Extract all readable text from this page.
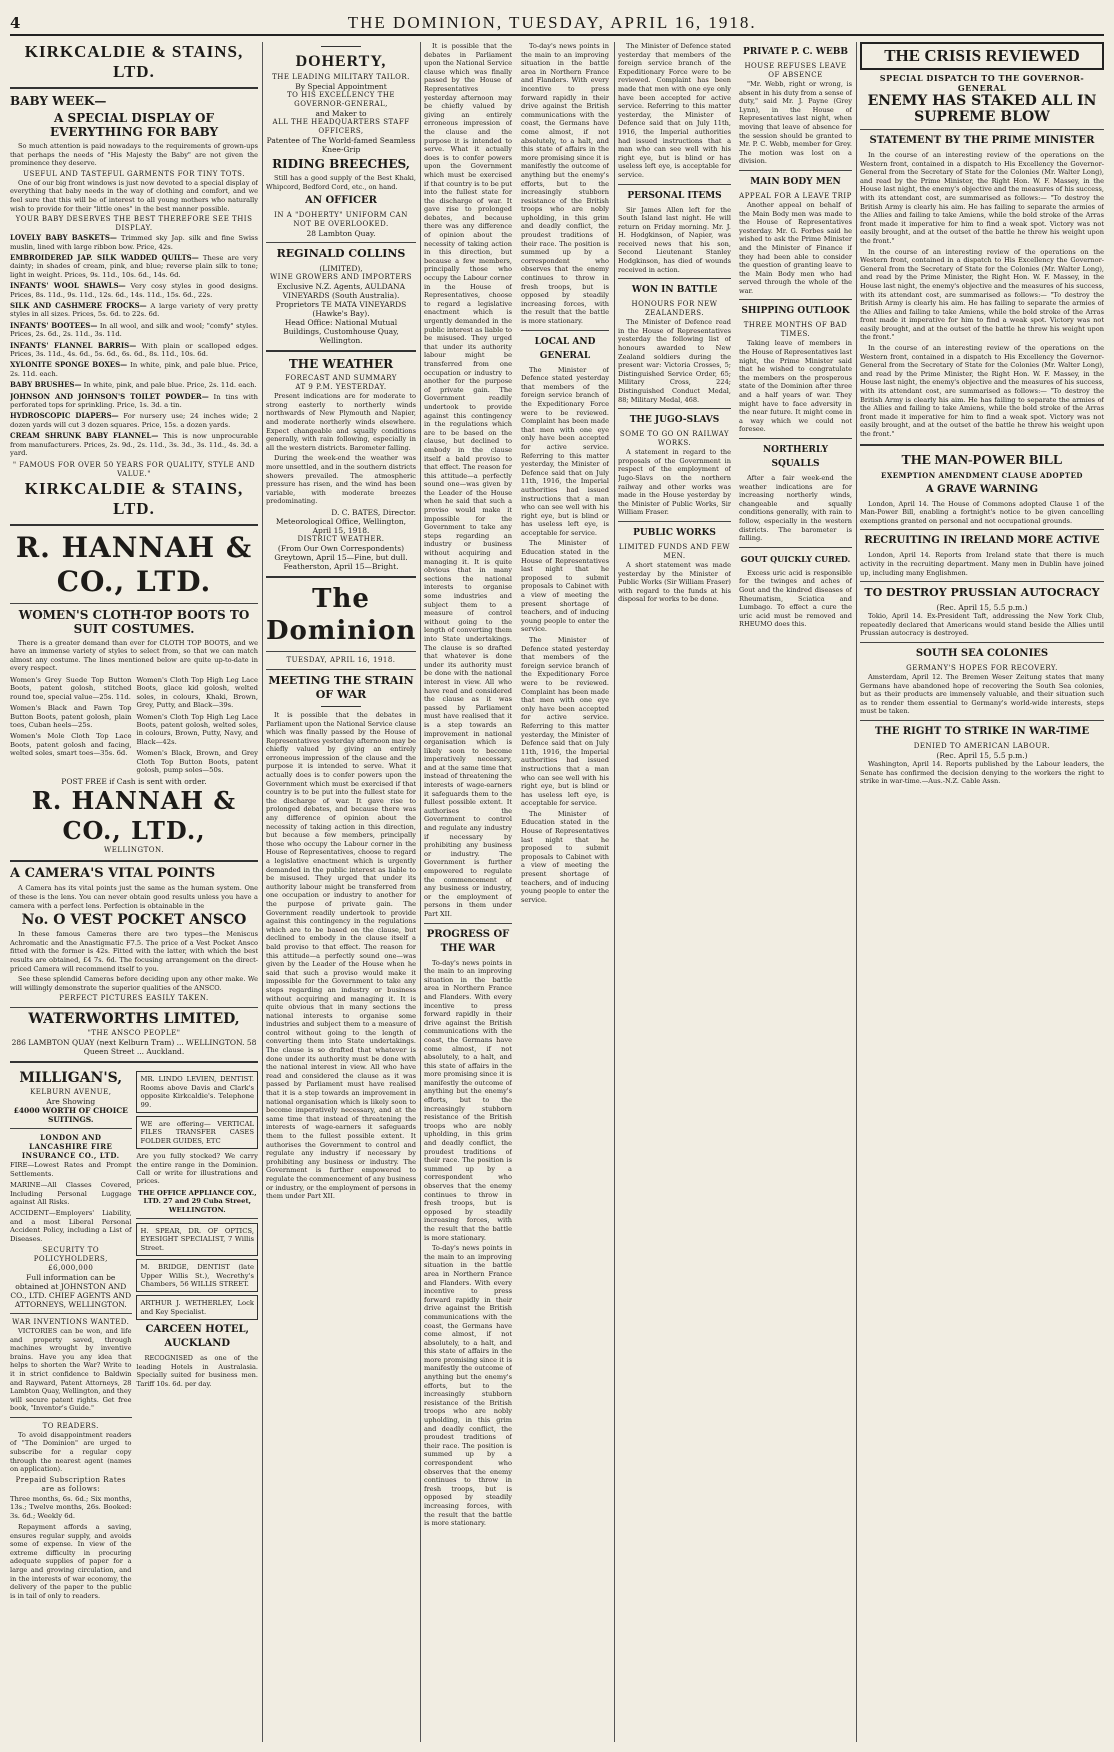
4	THE DOMINION, TUESDAY, APRIL 16, 1918.
KIRKCALDIE & STAINS, LTD.
BABY WEEK—
A SPECIAL DISPLAY OF EVERYTHING FOR BABY
So much attention is paid nowadays to the requirements of grown-ups that perhaps the needs of "His Majesty the Baby" are not given the prominence they deserve.
USEFUL AND TASTEFUL GARMENTS FOR TINY TOTS.
One of our big front windows is just now devoted to a special display of everything that baby needs in the way of clothing and comfort, and we feel sure that this will be of interest to all young mothers who naturally wish to provide for their "little ones" in the best manner possible.
YOUR BABY DESERVES THE BEST THEREFORE SEE THIS DISPLAY.
LOVELY BABY BASKETS— Trimmed sky Jap. silk and fine Swiss muslin, lined with large ribbon bow. Price, 42s.
EMBROIDERED JAP. SILK WADDED QUILTS— These are very dainty; in shades of cream, pink, and blue; reverse plain silk to tone; light in weight. Prices, 9s. 11d., 10s. 6d., 14s. 6d.
INFANTS' WOOL SHAWLS— Very cosy styles in good designs. Prices, 8s. 11d., 9s. 11d., 12s. 6d., 14s. 11d., 15s. 6d., 22s.
SILK AND CASHMERE FROCKS— A large variety of very pretty styles in all sizes. Prices, 5s. 6d. to 22s. 6d.
INFANTS' BOOTEES— In all wool, and silk and wool; "comfy" styles. Prices, 2s. 6d., 2s. 11d., 3s. 11d.
INFANTS' FLANNEL BARRIS— With plain or scalloped edges. Prices, 3s. 11d., 4s. 6d., 5s. 6d., 6s. 6d., 8s. 11d., 10s. 6d.
XYLONITE SPONGE BOXES— In white, pink, and pale blue. Price, 2s. 11d. each.
BABY BRUSHES— In white, pink, and pale blue. Price, 2s. 11d. each.
JOHNSON AND JOHNSON'S TOILET POWDER— In tins with perforated tops for sprinkling. Price, 1s. 3d. a tin.
HYDROSCOPIC DIAPERS— For nursery use; 24 inches wide; 2 dozen yards will cut 3 dozen squares. Price, 15s. a dozen yards.
CREAM SHRUNK BABY FLANNEL— This is now unprocurable from manufacturers. Prices, 2s. 9d., 2s. 11d., 3s. 3d., 3s. 11d., 4s. 3d. a yard.
" FAMOUS FOR OVER 50 YEARS FOR QUALITY, STYLE AND VALUE."
KIRKCALDIE & STAINS, LTD.
R. HANNAH & CO., LTD.
WOMEN'S CLOTH-TOP BOOTS TO SUIT COSTUMES.
There is a greater demand than ever for CLOTH TOP BOOTS, and we have an immense variety of styles to select from, so that we can match almost any costume. The lines mentioned below are quite up-to-date in every respect.
Women's Grey Suede Top Button Boots, patent golosh, stitched round toe, special value—25s. 11d.
Women's Black and Fawn Top Button Boots, patent golosh, plain toes, Cuban heels—25s.
Women's Mole Cloth Top Lace Boots, patent golosh and facing, welted soles, smart toes—35s. 6d.
Women's Cloth Top High Leg Lace Boots, glace kid golosh, welted soles, in colours, Khaki, Brown, Grey, Putty, and Black—39s.
Women's Cloth Top High Leg Lace Boots, patent golosh, welted soles, in colours, Brown, Putty, Navy, and Black—42s.
Women's Black, Brown, and Grey Cloth Top Button Boots, patent golosh, pump soles—50s.
POST FREE if Cash is sent with order.
R. HANNAH & CO., LTD.,
WELLINGTON.
A CAMERA'S VITAL POINTS
A Camera has its vital points just the same as the human system. One of these is the lens. You can never obtain good results unless you have a camera with a perfect lens. Perfection is obtainable in the
No. O VEST POCKET ANSCO
In these famous Cameras there are two types—the Meniscus Achromatic and the Anastigmatic F7.5. The price of a Vest Pocket Ansco fitted with the former is 42s. Fitted with the latter, with which the best results are obtained, £4 7s. 6d. The focusing arrangement on the direct-priced Camera will recommend itself to you.
See these splendid Cameras before deciding upon any other make. We will willingly demonstrate the superior qualities of the ANSCO.
PERFECT PICTURES EASILY TAKEN.
WATERWORTHS LIMITED,
"THE ANSCO PEOPLE"
286 LAMBTON QUAY (next Kelburn Tram) ... WELLINGTON. 58 Queen Street ... Auckland.
MILLIGAN'S,
KELBURN AVENUE,
Are Showing
£4000 WORTH OF CHOICE SUITINGS.
LONDON AND LANCASHIRE FIRE INSURANCE CO., LTD.
FIRE—Lowest Rates and Prompt Settlements.
MARINE—All Classes Covered, Including Personal Luggage against All Risks.
ACCIDENT—Employers' Liability, and a most Liberal Personal Accident Policy, including a List of Diseases.
SECURITY TO POLICYHOLDERS, £6,000,000
Full information can be obtained at JOHNSTON AND CO., LTD. CHIEF AGENTS AND ATTORNEYS, WELLINGTON.
WAR INVENTIONS WANTED.
VICTORIES can be won, and life and property saved, through machines wrought by inventive brains. Have you any idea that helps to shorten the War? Write to it in strict confidence to Baldwin and Rayward, Patent Attorneys, 28 Lambton Quay, Wellington, and they will secure patent rights. Get free book, "Inventor's Guide."
TO READERS.
To avoid disappointment readers of "The Dominion" are urged to subscribe for a regular copy through the nearest agent (names on application).
Prepaid Subscription Rates are as follows:
Three months, 6s. 6d.; Six months, 13s.; Twelve months, 26s. Booked: 3s. 6d.; Weekly 6d.
Repayment affords a saving, ensures regular supply, and avoids some of expense. In view of the extreme difficulty in procuring adequate supplies of paper for a large and growing circulation, and in the interests of war economy, the delivery of the paper to the public is in tail of only to readers.
MR. LINDO LEVIEN, DENTIST. Rooms above Davis and Clark's opposite Kirkcaldie's. Telephone 99.
WE are offering— VERTICAL FILES TRANSFER CASES FOLDER GUIDES, ETC
Are you fully stocked? We carry the entire range in the Dominion. Call or write for illustrations and prices.
THE OFFICE APPLIANCE COY., LTD. 27 and 29 Cuba Street, WELLINGTON.
H. SPEAR, DR. OF OPTICS, EYESIGHT SPECIALIST, 7 Willis Street.
M. BRIDGE, DENTIST (late Upper Willis St.), Wecrethy's Chambers, 56 WILLIS STREET.
ARTHUR J. WETHERLEY, Lock and Key Specialist.
CARCEEN HOTEL, AUCKLAND
RECOGNISED as one of the leading Hotels in Australasia. Specially suited for business men. Tariff 10s. 6d. per day.
DOHERTY,
THE LEADING MILITARY TAILOR.
By Special Appointment
TO HIS EXCELLENCY THE GOVERNOR-GENERAL,
and Maker to
ALL THE HEADQUARTERS STAFF OFFICERS,
Patentee of The World-famed Seamless Knee-Grip
RIDING BREECHES,
Still has a good supply of the Best Khaki, Whipcord, Bedford Cord, etc., on hand.
AN OFFICER
IN A "DOHERTY" UNIFORM CAN NOT BE OVERLOOKED.
28 Lambton Quay.
REGINALD COLLINS
(LIMITED),
WINE GROWERS AND IMPORTERS
Exclusive N.Z. Agents, AULDANA VINEYARDS (South Australia).
Proprietors TE MATA VINEYARDS (Hawke's Bay).
Head Office: National Mutual Buildings, Customhouse Quay, Wellington.
THE WEATHER
FORECAST AND SUMMARY
AT 9 P.M. YESTERDAY.
Present indications are for moderate to strong easterly to northerly winds northwards of New Plymouth and Napier, and moderate northerly winds elsewhere. Expect changeable and squally conditions generally, with rain following, especially in all the western districts. Barometer falling.
During the week-end the weather was more unsettled, and in the southern districts showers prevailed. The atmospheric pressure has risen, and the wind has been variable, with moderate breezes predominating.
D. C. BATES, Director.
Meteorological Office, Wellington, April 15, 1918.
DISTRICT WEATHER.
(From Our Own Correspondents) Greytown, April 15—Fine, but dull. Featherston, April 15—Bright.
The Dominion
TUESDAY, APRIL 16, 1918.
MEETING THE STRAIN OF WAR
It is possible that the debates in Parliament upon the National Service clause which was finally passed by the House of Representatives yesterday afternoon may be chiefly valued by giving an entirely erroneous impression of the clause and the purpose it is intended to serve. What it actually does is to confer powers upon the Government which must be exercised if that country is to be put into the fullest state for the discharge of war. It gave rise to prolonged debates, and because there was any difference of opinion about the necessity of taking action in this direction, but because a few members, principally those who occupy the Labour corner in the House of Representatives, choose to regard a legislative enactment which is urgently demanded in the public interest as liable to be misused. They urged that under its authority labour might be transferred from one occupation or industry to another for the purpose of private gain. The Government readily undertook to provide against this contingency in the regulations which are to be based on the clause, but declined to embody in the clause itself a bald proviso to that effect. The reason for this attitude—a perfectly sound one—was given by the Leader of the House when he said that such a proviso would make it impossible for the Government to take any steps regarding an industry or business without acquiring and managing it. It is quite obvious that in many sections the national interests to organise some industries and subject them to a measure of control without going to the length of converting them into State undertakings. The clause is so drafted that whatever is done under its authority must be done with the national interest in view. All who have read and considered the clause as it was passed by Parliament must have realised that it is a step towards an improvement in national organisation which is likely soon to become imperatively necessary, and at the same time that instead of threatening the interests of wage-earners it safeguards them to the fullest possible extent. It authorises the Government to control and regulate any industry if necessary by prohibiting any business or industry. The Government is further empowered to regulate the commencement of any business or industry, or the employment of persons in them under Part XII.
It is possible that the debates in Parliament upon the National Service clause which was finally passed by the House of Representatives yesterday afternoon may be chiefly valued by giving an entirely erroneous impression of the clause and the purpose it is intended to serve. What it actually does is to confer powers upon the Government which must be exercised if that country is to be put into the fullest state for the discharge of war. It gave rise to prolonged debates, and because there was any difference of opinion about the necessity of taking action in this direction, but because a few members, principally those who occupy the Labour corner in the House of Representatives, choose to regard a legislative enactment which is urgently demanded in the public interest as liable to be misused. They urged that under its authority labour might be transferred from one occupation or industry to another for the purpose of private gain. The Government readily undertook to provide against this contingency in the regulations which are to be based on the clause, but declined to embody in the clause itself a bald proviso to that effect. The reason for this attitude—a perfectly sound one—was given by the Leader of the House when he said that such a proviso would make it impossible for the Government to take any steps regarding an industry or business without acquiring and managing it. It is quite obvious that in many sections the national interests to organise some industries and subject them to a measure of control without going to the length of converting them into State undertakings. The clause is so drafted that whatever is done under its authority must be done with the national interest in view. All who have read and considered the clause as it was passed by Parliament must have realised that it is a step towards an improvement in national organisation which is likely soon to become imperatively necessary, and at the same time that instead of threatening the interests of wage-earners it safeguards them to the fullest possible extent. It authorises the Government to control and regulate any industry if necessary by prohibiting any business or industry. The Government is further empowered to regulate the commencement of any business or industry, or the employment of persons in them under Part XII.
PROGRESS OF THE WAR
To-day's news points in the main to an improving situation in the battle area in Northern France and Flanders. With every incentive to press forward rapidly in their drive against the British communications with the coast, the Germans have come almost, if not absolutely, to a halt, and this state of affairs in the more promising since it is manifestly the outcome of anything but the enemy's efforts, but to the increasingly stubborn resistance of the British troops who are nobly upholding, in this grim and deadly conflict, the proudest traditions of their race. The position is summed up by a correspondent who observes that the enemy continues to throw in fresh troops, but is opposed by steadily increasing forces, with the result that the battle is more stationary.
To-day's news points in the main to an improving situation in the battle area in Northern France and Flanders. With every incentive to press forward rapidly in their drive against the British communications with the coast, the Germans have come almost, if not absolutely, to a halt, and this state of affairs in the more promising since it is manifestly the outcome of anything but the enemy's efforts, but to the increasingly stubborn resistance of the British troops who are nobly upholding, in this grim and deadly conflict, the proudest traditions of their race. The position is summed up by a correspondent who observes that the enemy continues to throw in fresh troops, but is opposed by steadily increasing forces, with the result that the battle is more stationary.
To-day's news points in the main to an improving situation in the battle area in Northern France and Flanders. With every incentive to press forward rapidly in their drive against the British communications with the coast, the Germans have come almost, if not absolutely, to a halt, and this state of affairs in the more promising since it is manifestly the outcome of anything but the enemy's efforts, but to the increasingly stubborn resistance of the British troops who are nobly upholding, in this grim and deadly conflict, the proudest traditions of their race. The position is summed up by a correspondent who observes that the enemy continues to throw in fresh troops, but is opposed by steadily increasing forces, with the result that the battle is more stationary.
LOCAL AND GENERAL
The Minister of Defence stated yesterday that members of the foreign service branch of the Expeditionary Force were to be reviewed. Complaint has been made that men with one eye only have been accepted for active service. Referring to this matter yesterday, the Minister of Defence said that on July 11th, 1916, the Imperial authorities had issued instructions that a man who can see well with his right eye, but is blind or has useless left eye, is acceptable for service.
The Minister of Education stated in the House of Representatives last night that he proposed to submit proposals to Cabinet with a view of meeting the present shortage of teachers, and of inducing young people to enter the service.
The Minister of Defence stated yesterday that members of the foreign service branch of the Expeditionary Force were to be reviewed. Complaint has been made that men with one eye only have been accepted for active service. Referring to this matter yesterday, the Minister of Defence said that on July 11th, 1916, the Imperial authorities had issued instructions that a man who can see well with his right eye, but is blind or has useless left eye, is acceptable for service.
The Minister of Education stated in the House of Representatives last night that he proposed to submit proposals to Cabinet with a view of meeting the present shortage of teachers, and of inducing young people to enter the service.
The Minister of Defence stated yesterday that members of the foreign service branch of the Expeditionary Force were to be reviewed. Complaint has been made that men with one eye only have been accepted for active service. Referring to this matter yesterday, the Minister of Defence said that on July 11th, 1916, the Imperial authorities had issued instructions that a man who can see well with his right eye, but is blind or has useless left eye, is acceptable for service.
PERSONAL ITEMS
Sir James Allen left for the South Island last night. He will return on Friday morning. Mr. J. H. Hodgkinson, of Napier, was received news that his son, Second Lieutenant Stanley Hodgkinson, has died of wounds received in action.
WON IN BATTLE
HONOURS FOR NEW ZEALANDERS.
The Minister of Defence read in the House of Representatives yesterday the following list of honours awarded to New Zealand soldiers during the present war: Victoria Crosses, 5; Distinguished Service Order, 65; Military Cross, 224; Distinguished Conduct Medal, 88; Military Medal, 468.
THE JUGO-SLAVS
SOME TO GO ON RAILWAY WORKS.
A statement in regard to the proposals of the Government in respect of the employment of Jugo-Slavs on the northern railway and other works was made in the House yesterday by the Minister of Public Works, Sir William Fraser.
PUBLIC WORKS
LIMITED FUNDS AND FEW MEN.
A short statement was made yesterday by the Minister of Public Works (Sir William Fraser) with regard to the funds at his disposal for works to be done.
PRIVATE P. C. WEBB
HOUSE REFUSES LEAVE OF ABSENCE
"Mr. Webb, right or wrong, is absent in his duty from a sense of duty," said Mr. J. Payne (Grey Lynn), in the House of Representatives last night, when moving that leave of absence for the session should be granted to Mr. P. C. Webb, member for Grey. The motion was lost on a division.
MAIN BODY MEN
APPEAL FOR A LEAVE TRIP
Another appeal on behalf of the Main Body men was made to the House of Representatives yesterday. Mr. G. Forbes said he wished to ask the Prime Minister and the Minister of Finance if they had been able to consider the question of granting leave to the Main Body men who had served through the whole of the war.
SHIPPING OUTLOOK
THREE MONTHS OF BAD TIMES.
Taking leave of members in the House of Representatives last night, the Prime Minister said that he wished to congratulate the members on the prosperous state of the Dominion after three and a half years of war. They might have to face adversity in the near future. It might come in a way which we could not foresee.
NORTHERLY SQUALLS
After a fair week-end the weather indications are for increasing northerly winds, changeable and squally conditions generally, with rain to follow, especially in the western districts. The barometer is falling.
GOUT QUICKLY CURED.
Excess uric acid is responsible for the twinges and aches of Gout and the kindred diseases of Rheumatism, Sciatica and Lumbago. To effect a cure the uric acid must be removed and RHEUMO does this.
THE CRISIS REVIEWED
SPECIAL DISPATCH TO THE GOVERNOR-GENERAL
ENEMY HAS STAKED ALL IN SUPREME BLOW
STATEMENT BY THE PRIME MINISTER
In the course of an interesting review of the operations on the Western front, contained in a dispatch to His Excellency the Governor-General from the Secretary of State for the Colonies (Mr. Walter Long), and read by the Prime Minister, the Right Hon. W. F. Massey, in the House last night, the enemy's objective and the measures of his success, with its attendant cost, are summarised as follows:— "To destroy the British Army is clearly his aim. He has failing to separate the armies of the Allies and failing to take Amiens, while the bold stroke of the Arras front made it imperative for him to find a weak spot. Victory was not easily brought, and at the outset of the battle he threw his weight upon the front."
In the course of an interesting review of the operations on the Western front, contained in a dispatch to His Excellency the Governor-General from the Secretary of State for the Colonies (Mr. Walter Long), and read by the Prime Minister, the Right Hon. W. F. Massey, in the House last night, the enemy's objective and the measures of his success, with its attendant cost, are summarised as follows:— "To destroy the British Army is clearly his aim. He has failing to separate the armies of the Allies and failing to take Amiens, while the bold stroke of the Arras front made it imperative for him to find a weak spot. Victory was not easily brought, and at the outset of the battle he threw his weight upon the front."
In the course of an interesting review of the operations on the Western front, contained in a dispatch to His Excellency the Governor-General from the Secretary of State for the Colonies (Mr. Walter Long), and read by the Prime Minister, the Right Hon. W. F. Massey, in the House last night, the enemy's objective and the measures of his success, with its attendant cost, are summarised as follows:— "To destroy the British Army is clearly his aim. He has failing to separate the armies of the Allies and failing to take Amiens, while the bold stroke of the Arras front made it imperative for him to find a weak spot. Victory was not easily brought, and at the outset of the battle he threw his weight upon the front."
THE MAN-POWER BILL
EXEMPTION AMENDMENT CLAUSE ADOPTED
A GRAVE WARNING
London, April 14. The House of Commons adopted Clause 1 of the Man-Power Bill, enabling a fortnight's notice to be given cancelling exemptions granted on personal and not occupational grounds.
RECRUITING IN IRELAND MORE ACTIVE
London, April 14. Reports from Ireland state that there is much activity in the recruiting department. Many men in Dublin have joined up, including many Englishmen.
TO DESTROY PRUSSIAN AUTOCRACY
(Rec. April 15, 5.5 p.m.)
Tokio, April 14. Ex-President Taft, addressing the New York Club, repeatedly declared that Americans would stand beside the Allies until Prussian autocracy is destroyed.
SOUTH SEA COLONIES
GERMANY'S HOPES FOR RECOVERY.
Amsterdam, April 12. The Bremen Weser Zeitung states that many Germans have abandoned hope of recovering the South Sea colonies, but as their products are immensely valuable, and their situation such as to render them essential to Germany's world-wide interests, steps must be taken.
THE RIGHT TO STRIKE IN WAR-TIME
DENIED TO AMERICAN LABOUR.
(Rec. April 15, 5.5 p.m.)
Washington, April 14. Reports published by the Labour leaders, the Senate has confirmed the decision denying to the workers the right to strike in war-time.—Aus.-N.Z. Cable Assn.
